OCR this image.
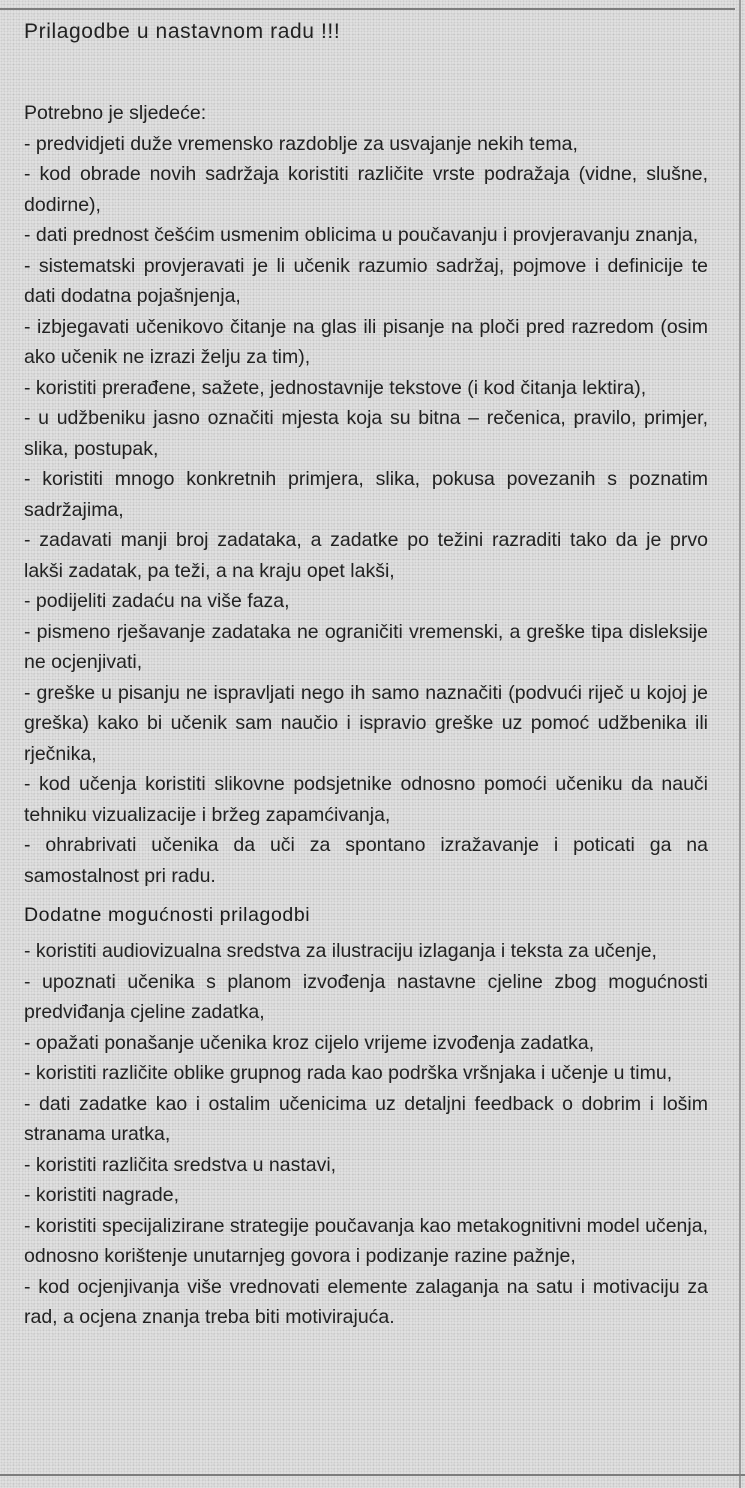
Prilagodbe u nastavnom radu !!!

Potrebno je sljedeće:

- predvidjeti duže vremensko razdoblje za usvajanje nekih tema,
- kod obrade novih sadržaja koristiti različite vrste podražaja (vidne, slušne, dodirne),
- dati prednost češćim usmenim oblicima u poučavanju i provjeravanju znanja,
- sistematski provjeravati je li učenik razumio sadržaj, pojmove i definicije te dati dodatna pojašnjenja,
- izbjegavati učenikovo čitanje na glas ili pisanje na ploči pred razredom (osim ako učenik ne izrazi želju za tim),
- koristiti prerađene, sažete, jednostavnije tekstove (i kod čitanja lektira),
- u udžbeniku jasno označiti mjesta koja su bitna – rečenica, pravilo, primjer, slika, postupak,
- koristiti mnogo konkretnih primjera, slika, pokusa povezanih s poznatim sadržajima,
- zadavati manji broj zadataka, a zadatke po težini razraditi tako da je prvo lakši zadatak, pa teži, a na kraju opet lakši,
- podijeliti zadaću na više faza,
- pismeno rješavanje zadataka ne ograničiti vremenski, a greške tipa disleksije ne ocjenjivati,
- greške u pisanju ne ispravljati nego ih samo naznačiti (podvući riječ u kojoj je greška) kako bi učenik sam naučio i ispravio greške uz pomoć udžbenika ili rječnika,
- kod učenja koristiti slikovne podsjetnike odnosno pomoći učeniku da nauči tehniku vizualizacije i bržeg zapamćivanja,
- ohrabrivati učenika da uči za spontano izražavanje i poticati ga na samostalnost pri radu.
Dodatne mogućnosti prilagodbi
- koristiti audiovizualna sredstva za ilustraciju izlaganja i teksta za učenje,
- upoznati učenika s planom izvođenja nastavne cjeline zbog mogućnosti predviđanja cjeline zadatka,
- opažati ponašanje učenika kroz cijelo vrijeme izvođenja zadatka,
- koristiti različite oblike grupnog rada kao podrška vršnjaka i učenje u timu,
- dati zadatke kao i ostalim učenicima uz detaljni feedback o dobrim i lošim stranama uratka,
- koristiti različita sredstva u nastavi,
- koristiti nagrade,
- koristiti specijalizirane strategije poučavanja kao metakognitivni model učenja, odnosno korištenje unutarnjeg govora i podizanje razine pažnje,
- kod ocjenjivanja više vrednovati elemente zalaganja na satu i motivaciju za rad, a ocjena znanja treba biti motivirajuća.
